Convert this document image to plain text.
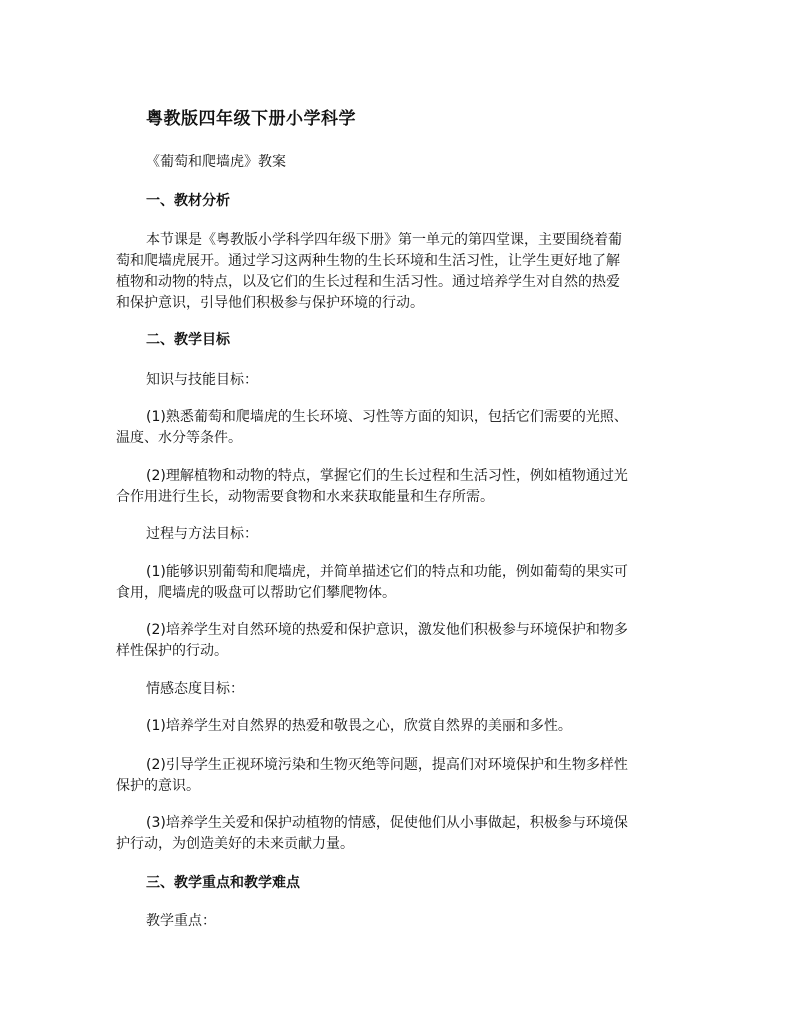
粤教版四年级下册小学科学
《葡萄和爬墙虎》教案
一、教材分析
本节课是《粤教版小学科学四年级下册》第一单元的第四堂课，主要围绕着葡
萄和爬墙虎展开。通过学习这两种生物的生长环境和生活习性，让学生更好地了解
植物和动物的特点，以及它们的生长过程和生活习性。通过培养学生对自然的热爱
和保护意识，引导他们积极参与保护环境的行动。
二、教学目标
知识与技能目标：
(1)熟悉葡萄和爬墙虎的生长环境、习性等方面的知识，包括它们需要的光照、
温度、水分等条件。
(2)理解植物和动物的特点，掌握它们的生长过程和生活习性，例如植物通过光
合作用进行生长，动物需要食物和水来获取能量和生存所需。
过程与方法目标：
(1)能够识别葡萄和爬墙虎，并简单描述它们的特点和功能，例如葡萄的果实可
食用，爬墙虎的吸盘可以帮助它们攀爬物体。
(2)培养学生对自然环境的热爱和保护意识，激发他们积极参与环境保护和物多
样性保护的行动。
情感态度目标：
(1)培养学生对自然界的热爱和敬畏之心，欣赏自然界的美丽和多性。
(2)引导学生正视环境污染和生物灭绝等问题，提高们对环境保护和生物多样性
保护的意识。
(3)培养学生关爱和保护动植物的情感，促使他们从小事做起，积极参与环境保
护行动，为创造美好的未来贡献力量。
三、教学重点和教学难点
教学重点：
